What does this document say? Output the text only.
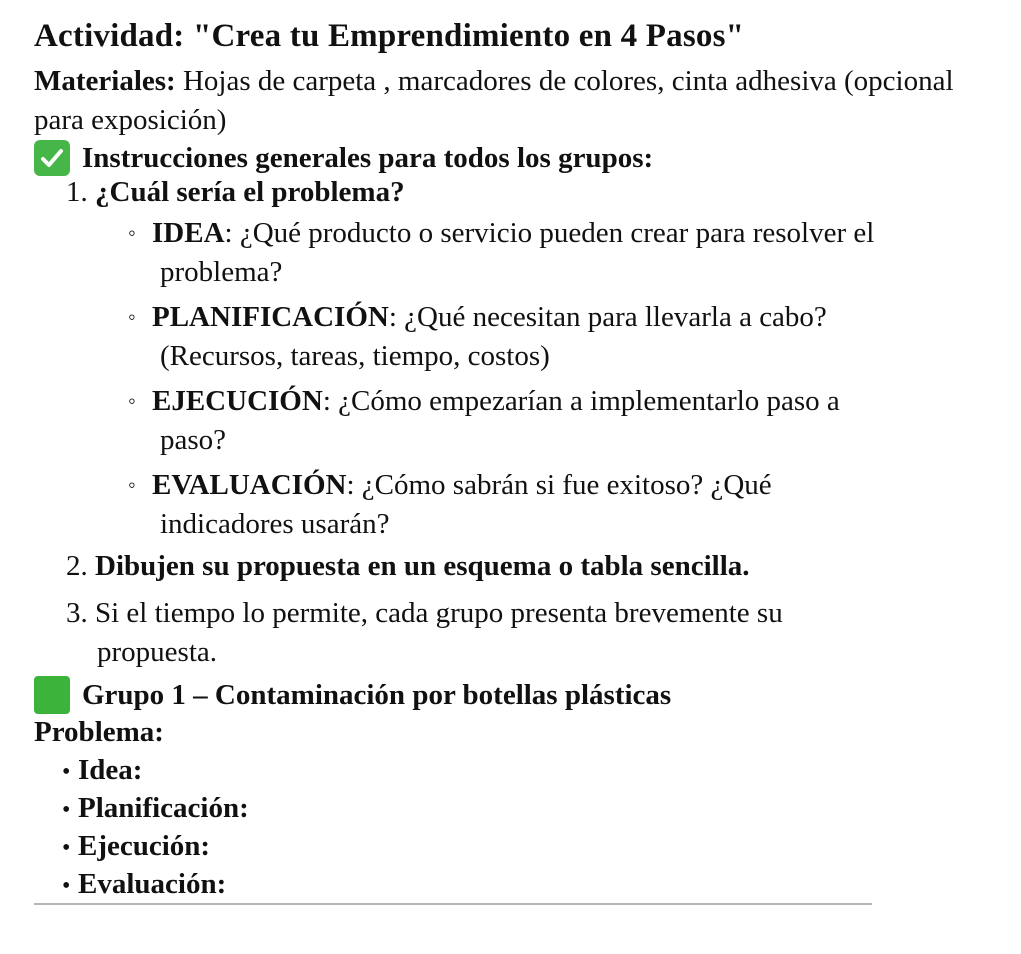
Actividad: "Crea tu Emprendimiento en 4 Pasos"
Materiales: Hojas de carpeta , marcadores de colores, cinta adhesiva (opcional para exposición)
Instrucciones generales para todos los grupos:
1. ¿Cuál sería el problema?
◦ IDEA: ¿Qué producto o servicio pueden crear para resolver el
problema?
◦ PLANIFICACIÓN: ¿Qué necesitan para llevarla a cabo?
(Recursos, tareas, tiempo, costos)
◦ EJECUCIÓN: ¿Cómo empezarían a implementarlo paso a
paso?
◦ EVALUACIÓN: ¿Cómo sabrán si fue exitoso? ¿Qué
indicadores usarán?
2. Dibujen su propuesta en un esquema o tabla sencilla.
3. Si el tiempo lo permite, cada grupo presenta brevemente su
propuesta.
Grupo 1 – Contaminación por botellas plásticas
Problema:
• Idea:
• Planificación:
• Ejecución:
• Evaluación:
